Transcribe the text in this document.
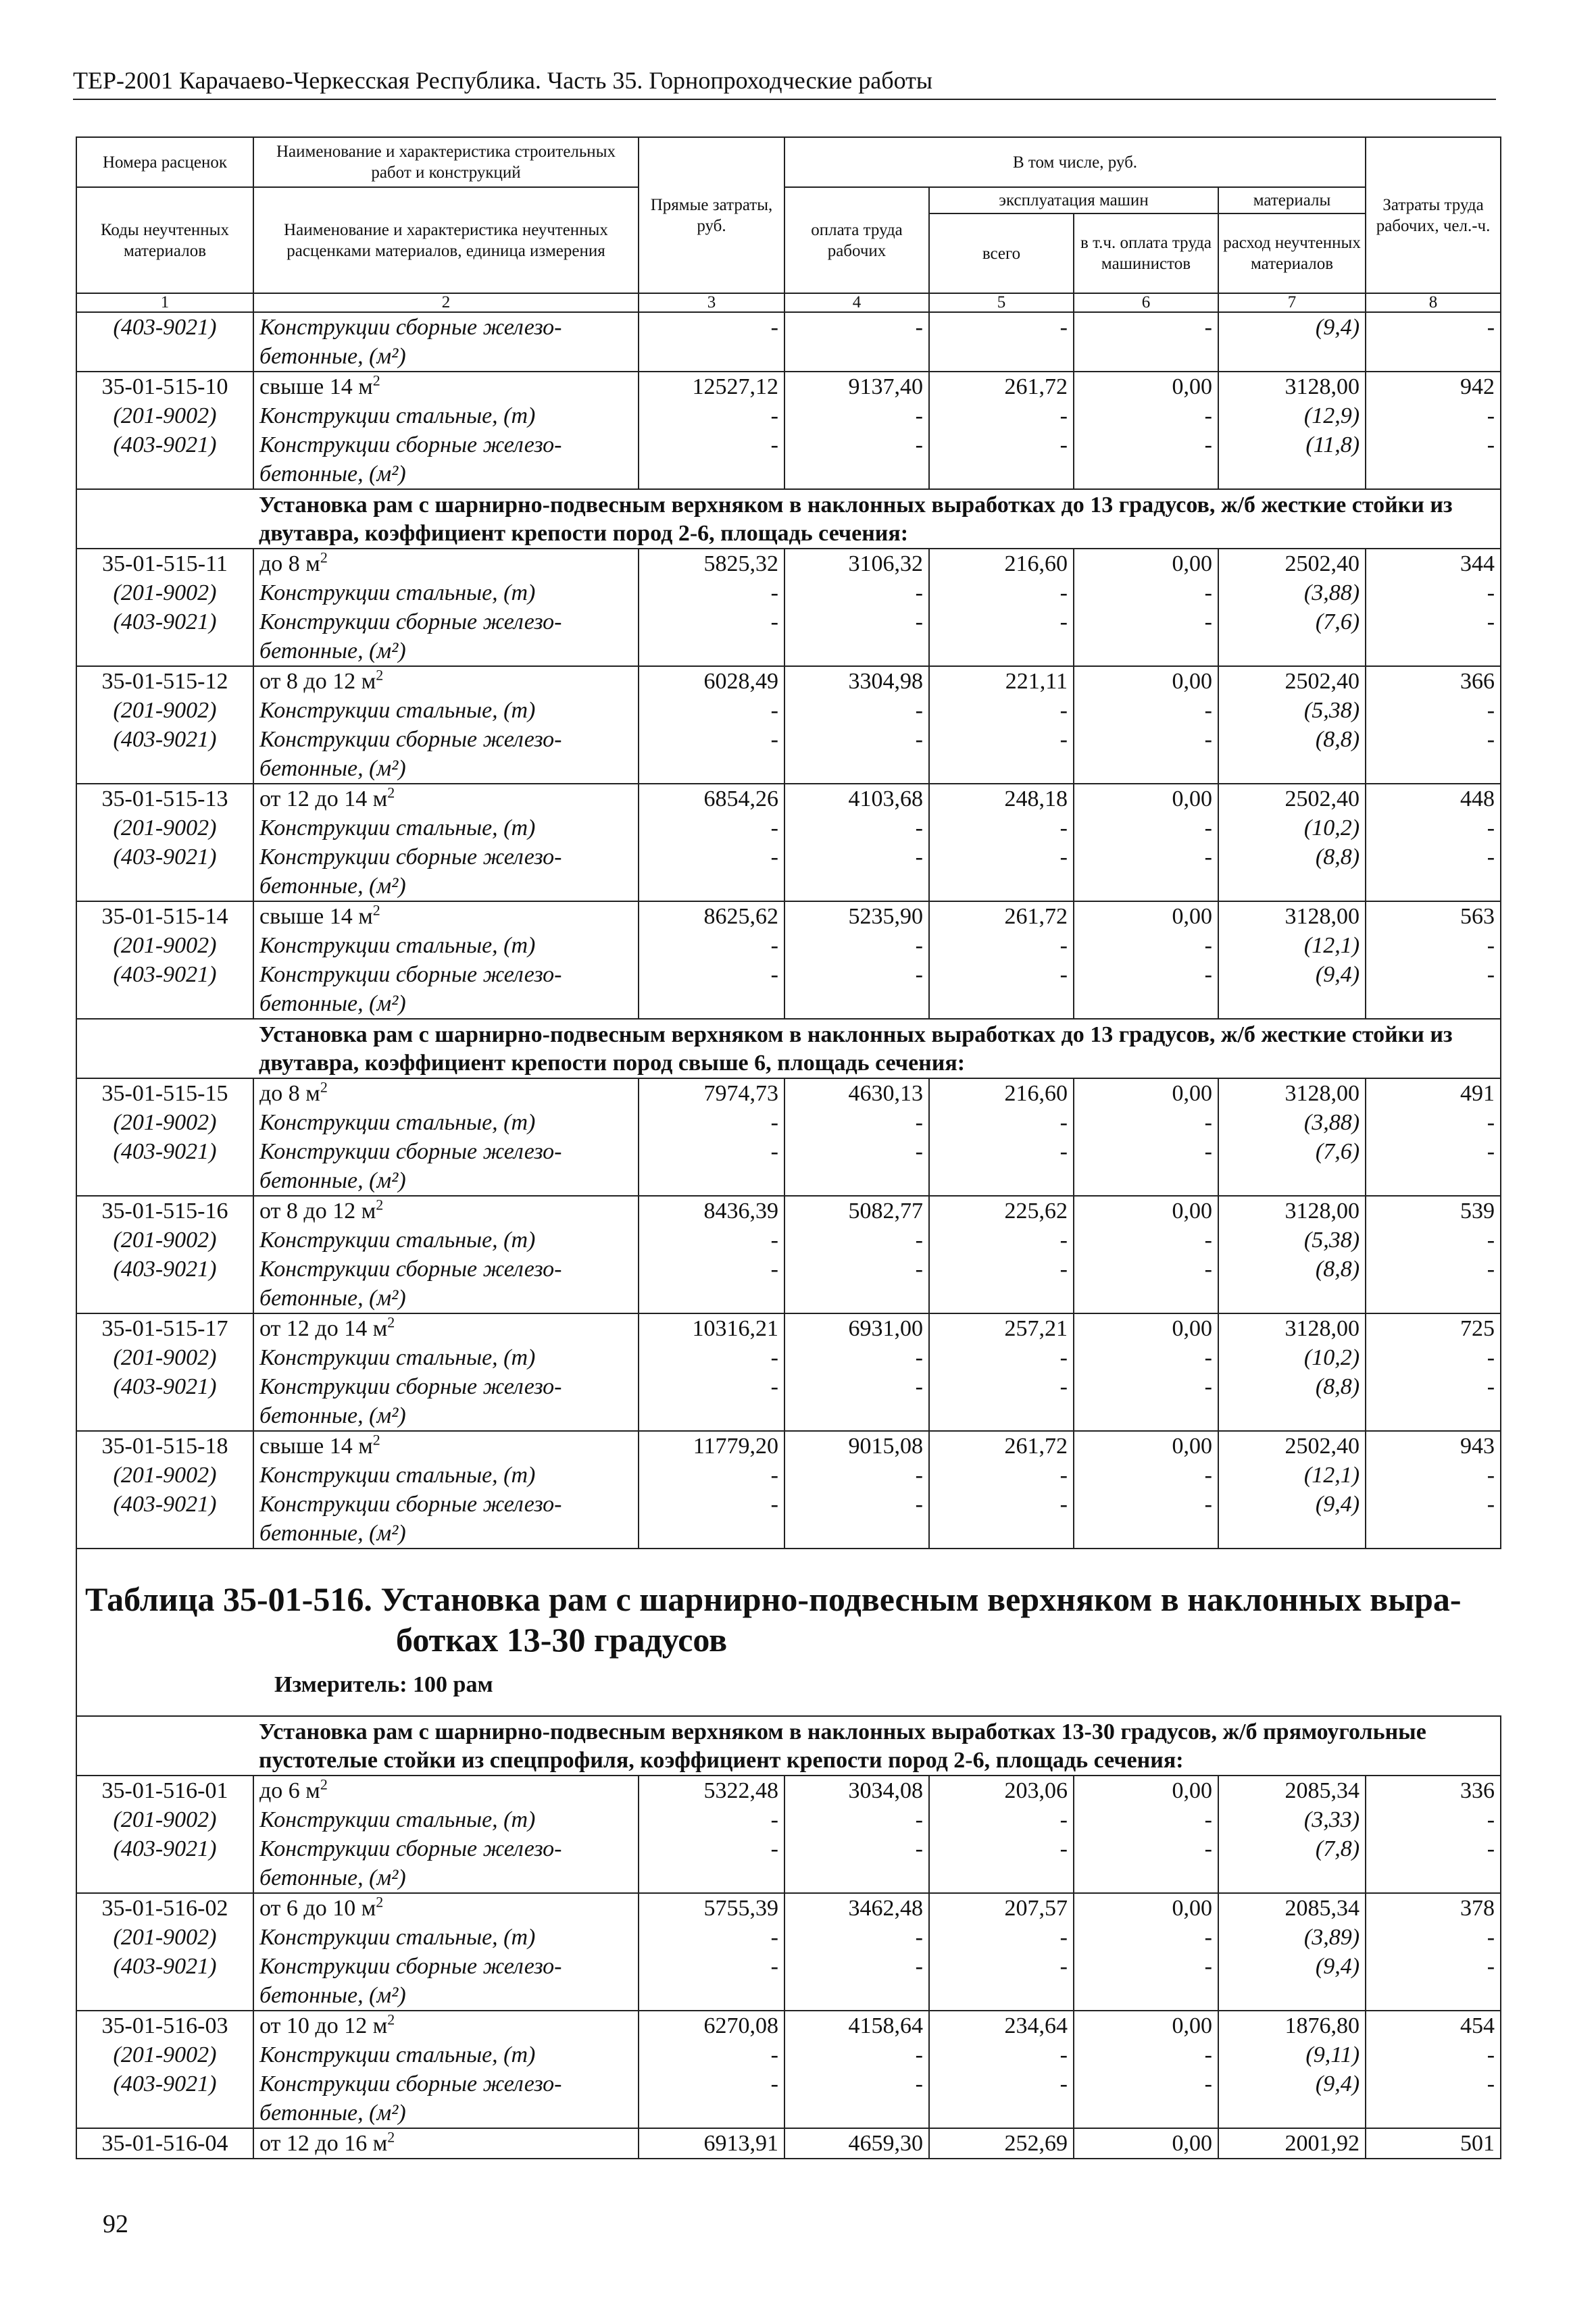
ТЕР-2001 Карачаево-Черкесская Республика. Часть 35. Горнопроходческие работы
Номера расценок	Наименование и характеристика строительных работ и конструкций	Прямые затраты, руб.	В том числе, руб.				Затраты труда рабочих, чел.-ч.
Коды неучтенных материалов	Наименование и характеристика неучтенных расценками материалов, единица измерения		оплата труда рабочих	эксплуатация машин		материалы	
				всего	в т.ч. оплата труда машинистов	расход неучтенных материалов	
1	2	3	4	5	6	7	8
(403-9021)	Конструкции сборные железо-	-	-	-	-	(9,4)	-
	бетонные, (м²)						
35-01-515-10	свыше 14 $м^2$	12527,12	9137,40	261,72	0,00	3128,00	942
(201-9002)	Конструкции стальные, (т)	-	-	-	-	(12,9)	-
(403-9021)	Конструкции сборные железо-	-	-	-	-	(11,8)	-
	бетонные, (м²)						
	Установка рам с шарнирно-подвесным верхняком в наклонных выработках до 13 градусов, ж/б жесткие стойки из двутавра, коэффициент крепости пород 2-6, площадь сечения:						
35-01-515-11	до 8 $м^2$	5825,32	3106,32	216,60	0,00	2502,40	344
(201-9002)	Конструкции стальные, (т)	-	-	-	-	(3,88)	-
(403-9021)	Конструкции сборные железо-	-	-	-	-	(7,6)	-
	бетонные, (м²)						
35-01-515-12	от 8 до 12 $м^2$	6028,49	3304,98	221,11	0,00	2502,40	366
(201-9002)	Конструкции стальные, (т)	-	-	-	-	(5,38)	-
(403-9021)	Конструкции сборные железо-	-	-	-	-	(8,8)	-
	бетонные, (м²)						
35-01-515-13	от 12 до 14 $м^2$	6854,26	4103,68	248,18	0,00	2502,40	448
(201-9002)	Конструкции стальные, (т)	-	-	-	-	(10,2)	-
(403-9021)	Конструкции сборные железо-	-	-	-	-	(8,8)	-
	бетонные, (м²)						
35-01-515-14	свыше 14 $м^2$	8625,62	5235,90	261,72	0,00	3128,00	563
(201-9002)	Конструкции стальные, (т)	-	-	-	-	(12,1)	-
(403-9021)	Конструкции сборные железо-	-	-	-	-	(9,4)	-
	бетонные, (м²)						
	Установка рам с шарнирно-подвесным верхняком в наклонных выработках до 13 градусов, ж/б жесткие стойки из двутавра, коэффициент крепости пород свыше 6, площадь сечения:						
35-01-515-15	до 8 $м^2$	7974,73	4630,13	216,60	0,00	3128,00	491
(201-9002)	Конструкции стальные, (т)	-	-	-	-	(3,88)	-
(403-9021)	Конструкции сборные железо-	-	-	-	-	(7,6)	-
	бетонные, (м²)						
35-01-515-16	от 8 до 12 $м^2$	8436,39	5082,77	225,62	0,00	3128,00	539
(201-9002)	Конструкции стальные, (т)	-	-	-	-	(5,38)	-
(403-9021)	Конструкции сборные железо-	-	-	-	-	(8,8)	-
	бетонные, (м²)						
35-01-515-17	от 12 до 14 $м^2$	10316,21	6931,00	257,21	0,00	3128,00	725
(201-9002)	Конструкции стальные, (т)	-	-	-	-	(10,2)	-
(403-9021)	Конструкции сборные железо-	-	-	-	-	(8,8)	-
	бетонные, (м²)						
35-01-515-18	свыше 14 $м^2$	11779,20	9015,08	261,72	0,00	2502,40	943
(201-9002)	Конструкции стальные, (т)	-	-	-	-	(12,1)	-
(403-9021)	Конструкции сборные железо-	-	-	-	-	(9,4)	-
	бетонные, (м²)						

Таблица 35-01-516. Установка рам с шарнирно-подвесным верхняком в наклонных выра-
ботках 13-30 градусов
Измеритель: 100 рам							

	Установка рам с шарнирно-подвесным верхняком в наклонных выработках 13-30 градусов, ж/б прямоугольные пустотелые стойки из спецпрофиля, коэффициент крепости пород 2-6, площадь сечения:						
35-01-516-01	до 6 $м^2$	5322,48	3034,08	203,06	0,00	2085,34	336
(201-9002)	Конструкции стальные, (т)	-	-	-	-	(3,33)	-
(403-9021)	Конструкции сборные железо-	-	-	-	-	(7,8)	-
	бетонные, (м²)						
35-01-516-02	от 6 до 10 $м^2$	5755,39	3462,48	207,57	0,00	2085,34	378
(201-9002)	Конструкции стальные, (т)	-	-	-	-	(3,89)	-
(403-9021)	Конструкции сборные железо-	-	-	-	-	(9,4)	-
	бетонные, (м²)						
35-01-516-03	от 10 до 12 $м^2$	6270,08	4158,64	234,64	0,00	1876,80	454
(201-9002)	Конструкции стальные, (т)	-	-	-	-	(9,11)	-
(403-9021)	Конструкции сборные железо-	-	-	-	-	(9,4)	-
	бетонные, (м²)						
35-01-516-04	от 12 до 16 $м^2$	6913,91	4659,30	252,69	0,00	2001,92	501
92
